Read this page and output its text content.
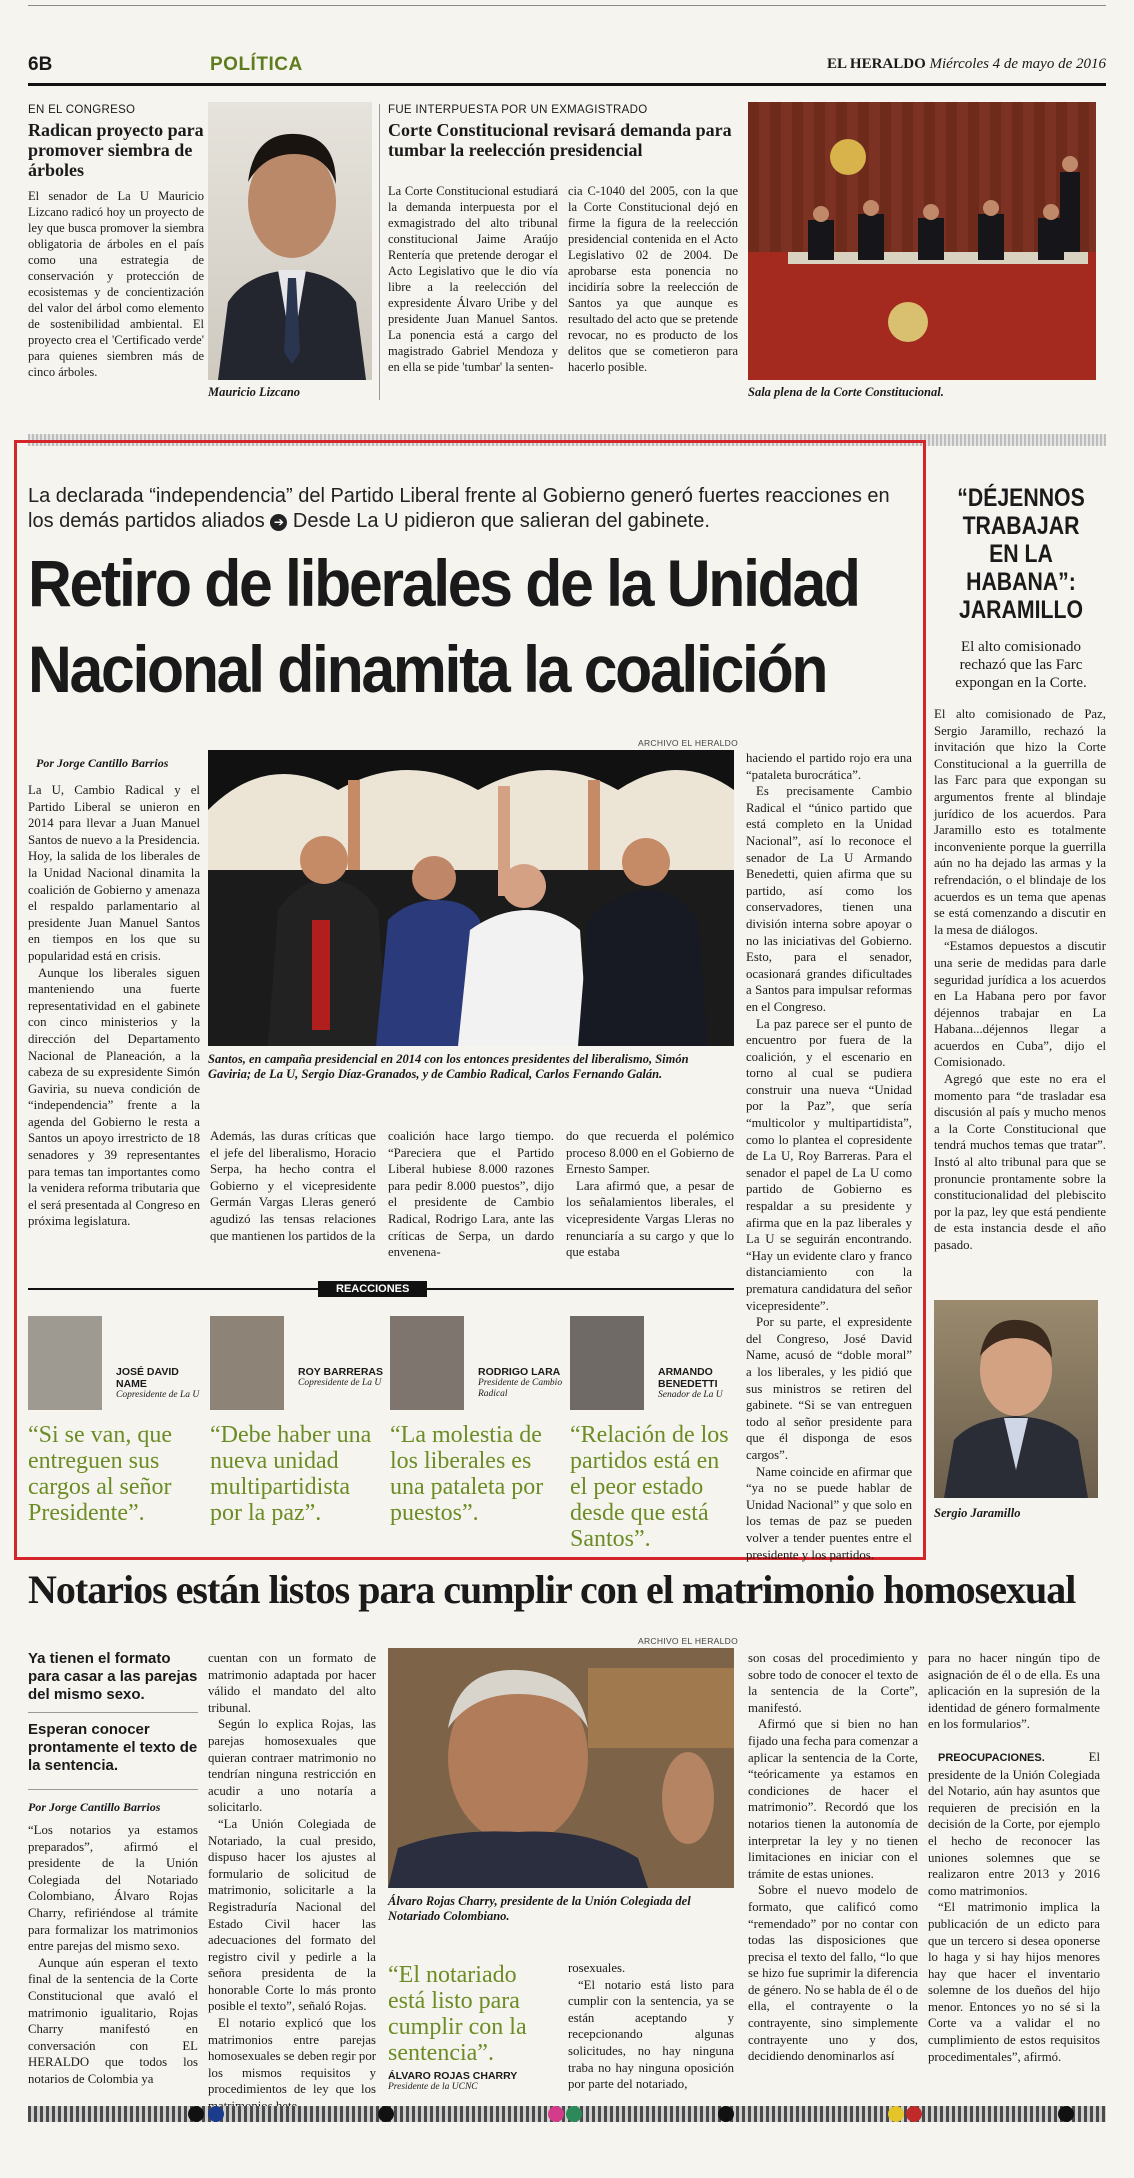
6B	POLÍTICA	EL HERALDO Miércoles 4 de mayo de 2016
EN EL CONGRESO
Radican proyecto para promover siembra de árboles
El senador de La U Mauricio Lizcano radicó hoy un proyecto de ley que busca promover la siembra obligatoria de árboles en el país como una estrategia de conservación y protección de ecosistemas y de concientización del valor del árbol como elemento de sostenibilidad ambiental. El proyecto crea el 'Certificado verde' para quienes siembren más de cinco árboles.
Mauricio Lizcano
FUE INTERPUESTA POR UN EXMAGISTRADO
Corte Constitucional revisará demanda para tumbar la reelección presidencial
La Corte Constitucional estudiará la demanda interpuesta por el exmagistrado del alto tribunal constitucional Jaime Araújo Rentería que pretende derogar el Acto Legislativo que le dio vía libre a la reelección del expresidente Álvaro Uribe y del presidente Juan Manuel Santos. La ponencia está a cargo del magistrado Gabriel Mendoza y en ella se pide 'tumbar' la senten-
cia C-1040 del 2005, con la que la Corte Constitucional dejó en firme la figura de la reelección presidencial contenida en el Acto Legislativo 02 de 2004. De aprobarse esta ponencia no incidiría sobre la reelección de Santos ya que aunque es resultado del acto que se pretende revocar, no es producto de los delitos que se cometieron para hacerlo posible.
Sala plena de la Corte Constitucional.
La declarada “independencia” del Partido Liberal frente al Gobierno generó fuertes reacciones en los demás partidos aliados ➔ Desde La U pidieron que salieran del gabinete.
Retiro de liberales de la Unidad
Nacional dinamita la coalición
ARCHIVO EL HERALDO
Por Jorge Cantillo Barrios

La U, Cambio Radical y el Partido Liberal se unieron en 2014 para llevar a Juan Manuel Santos de nuevo a la Presidencia. Hoy, la salida de los liberales de la Unidad Nacional dinamita la coalición de Gobierno y amenaza el respaldo parlamentario al presidente Juan Manuel Santos en tiempos en los que su popularidad está en crisis.

Aunque los liberales siguen manteniendo una fuerte representatividad en el gabinete con cinco ministerios y la dirección del Departamento Nacional de Planeación, a la cabeza de su expresidente Simón Gaviria, su nueva condición de “independencia” frente a la agenda del Gobierno le resta a Santos un apoyo irrestricto de 18 senadores y 39 representantes para temas tan importantes como la venidera reforma tributaria que el será presentada al Congreso en próxima legislatura.

Santos, en campaña presidencial en 2014 con los entonces presidentes del liberalismo, Simón Gaviria; de La U, Sergio Díaz-Granados, y de Cambio Radical, Carlos Fernando Galán.
Además, las duras críticas que el jefe del liberalismo, Horacio Serpa, ha hecho contra el Gobierno y el vicepresidente Germán Vargas Lleras generó agudizó las tensas relaciones que mantienen los partidos de la
coalición hace largo tiempo. “Pareciera que el Partido Liberal hubiese 8.000 razones para pedir 8.000 puestos”, dijo el presidente de Cambio Radical, Rodrigo Lara, ante las críticas de Serpa, un dardo envenena-

do que recuerda el polémico proceso 8.000 en el Gobierno de Ernesto Samper.

Lara afirmó que, a pesar de los señalamientos liberales, el vicepresidente Vargas Lleras no renunciaría a su cargo y que lo que estaba

haciendo el partido rojo era una “pataleta burocrática”.

Es precisamente Cambio Radical el “único partido que está completo en la Unidad Nacional”, así lo reconoce el senador de La U Armando Benedetti, quien afirma que su partido, así como los conservadores, tienen una división interna sobre apoyar o no las iniciativas del Gobierno. Esto, para el senador, ocasionará grandes dificultades a Santos para impulsar reformas en el Congreso.

La paz parece ser el punto de encuentro por fuera de la coalición, y el escenario en torno al cual se pudiera construir una nueva “Unidad por la Paz”, que sería “multicolor y multipartidista”, como lo plantea el copresidente de La U, Roy Barreras. Para el senador el papel de La U como partido de Gobierno es respaldar a su presidente y afirma que en la paz liberales y La U se seguirán encontrando. “Hay un evidente claro y franco distanciamiento con la prematura candidatura del señor vicepresidente”.

Por su parte, el expresidente del Congreso, José David Name, acusó de “doble moral” a los liberales, y les pidió que sus ministros se retiren del gabinete. “Si se van entreguen todo al señor presidente para que él disponga de esos cargos”.

Name coincide en afirmar que “ya no se puede hablar de Unidad Nacional” y que solo en los temas de paz se pueden volver a tender puentes entre el presidente y los partidos.

REACCIONES
JOSÉ DAVID NAME
Copresidente de La U
“Si se van, que entreguen sus cargos al señor Presidente”.
ROY BARRERAS
Copresidente de La U
“Debe haber una nueva unidad multipartidista por la paz”.
RODRIGO LARA
Presidente de Cambio Radical
“La molestia de los liberales es una pataleta por puestos”.
ARMANDO BENEDETTI
Senador de La U
“Relación de los partidos está en el peor estado desde que está Santos”.
“DÉJENNOS TRABAJAR EN LA HABANA”: JARAMILLO
El alto comisionado rechazó que las Farc expongan en la Corte.

El alto comisionado de Paz, Sergio Jaramillo, rechazó la invitación que hizo la Corte Constitucional a la guerrilla de las Farc para que expongan su argumentos frente al blindaje jurídico de los acuerdos. Para Jaramillo esto es totalmente inconveniente porque la guerrilla aún no ha dejado las armas y la refrendación, o el blindaje de los acuerdos es un tema que apenas se está comenzando a discutir en la mesa de diálogos.

“Estamos depuestos a discutir una serie de medidas para darle seguridad jurídica a los acuerdos en La Habana pero por favor déjennos trabajar en La Habana...déjennos llegar a acuerdos en Cuba”, dijo el Comisionado.

Agregó que este no era el momento para “de trasladar esa discusión al país y mucho menos a la Corte Constitucional que tendrá muchos temas que tratar”. Instó al alto tribunal para que se pronuncie prontamente sobre la constitucionalidad del plebiscito por la paz, ley que está pendiente de esta instancia desde el año pasado.

Sergio Jaramillo
Notarios están listos para cumplir con el matrimonio homosexual
Ya tienen el formato para casar a las parejas del mismo sexo.
Esperan conocer prontamente el texto de la sentencia.
Por Jorge Cantillo Barrios

“Los notarios ya estamos preparados”, afirmó el presidente de la Unión Colegiada del Notariado Colombiano, Álvaro Rojas Charry, refiriéndose al trámite para formalizar los matrimonios entre parejas del mismo sexo.

Aunque aún esperan el texto final de la sentencia de la Corte Constitucional que avaló el matrimonio igualitario, Rojas Charry manifestó en conversación con EL HERALDO que todos los notarios de Colombia ya

cuentan con un formato de matrimonio adaptada por hacer válido el mandato del alto tribunal.

Según lo explica Rojas, las parejas homosexuales que quieran contraer matrimonio no tendrían ninguna restricción en acudir a uno notaría a solicitarlo.

“La Unión Colegiada de Notariado, la cual presido, dispuso hacer los ajustes al formulario de solicitud de matrimonio, solicitarle a la Registraduría Nacional del Estado Civil hacer las adecuaciones del formato del registro civil y pedirle a la señora presidenta de la honorable Corte lo más pronto posible el texto”, señaló Rojas.

El notario explicó que los matrimonios entre parejas homosexuales se deben regir por los mismos requisitos y procedimientos de ley que los

ARCHIVO EL HERALDO
Álvaro Rojas Charry, presidente de la Unión Colegiada del Notariado Colombiano.
“El notariado está listo para cumplir con la sentencia”.
ÁLVARO ROJAS CHARRY
Presidente de la UCNC

rosexuales.

“El notario está listo para cumplir con la sentencia, ya se están aceptando y recepcionando algunas solicitudes, no hay ninguna traba no hay ninguna oposición por parte del notariado,

son cosas del procedimiento y sobre todo de conocer el texto de la sentencia de la Corte”, manifestó.

Afirmó que si bien no han fijado una fecha para comenzar a aplicar la sentencia de la Corte, “teóricamente ya estamos en condiciones de hacer el matrimonio”. Recordó que los notarios tienen la autonomía de interpretar la ley y no tienen limitaciones en iniciar con el trámite de estas uniones.

Sobre el nuevo modelo de formato, que calificó como “remendado” por no contar con todas las disposiciones que precisa el texto del fallo, “lo que se hizo fue suprimir la diferencia de género. No se habla de él o de ella, el contrayente o la contrayente, sino simplemente contrayente uno y dos, decidiendo denominarlos así

para no hacer ningún tipo de asignación de él o de ella. Es una aplicación en la supresión de la identidad de género formalmente en los formularios”.

PREOCUPACIONES.	El presidente de la Unión Colegiada del Notario, aún hay asuntos que requieren de precisión en la decisión de la Corte, por ejemplo el hecho de reconocer las uniones solemnes que se realizaron entre 2013 y 2016 como matrimonios.

“El matrimonio implica la publicación de un edicto para que un tercero si desea oponerse lo haga y si hay hijos menores hay que hacer el inventario solemne de los dueños del hijo menor. Entonces yo no sé si la Corte va a validar el no cumplimiento de estos requisitos procedimentales”, afirmó.
